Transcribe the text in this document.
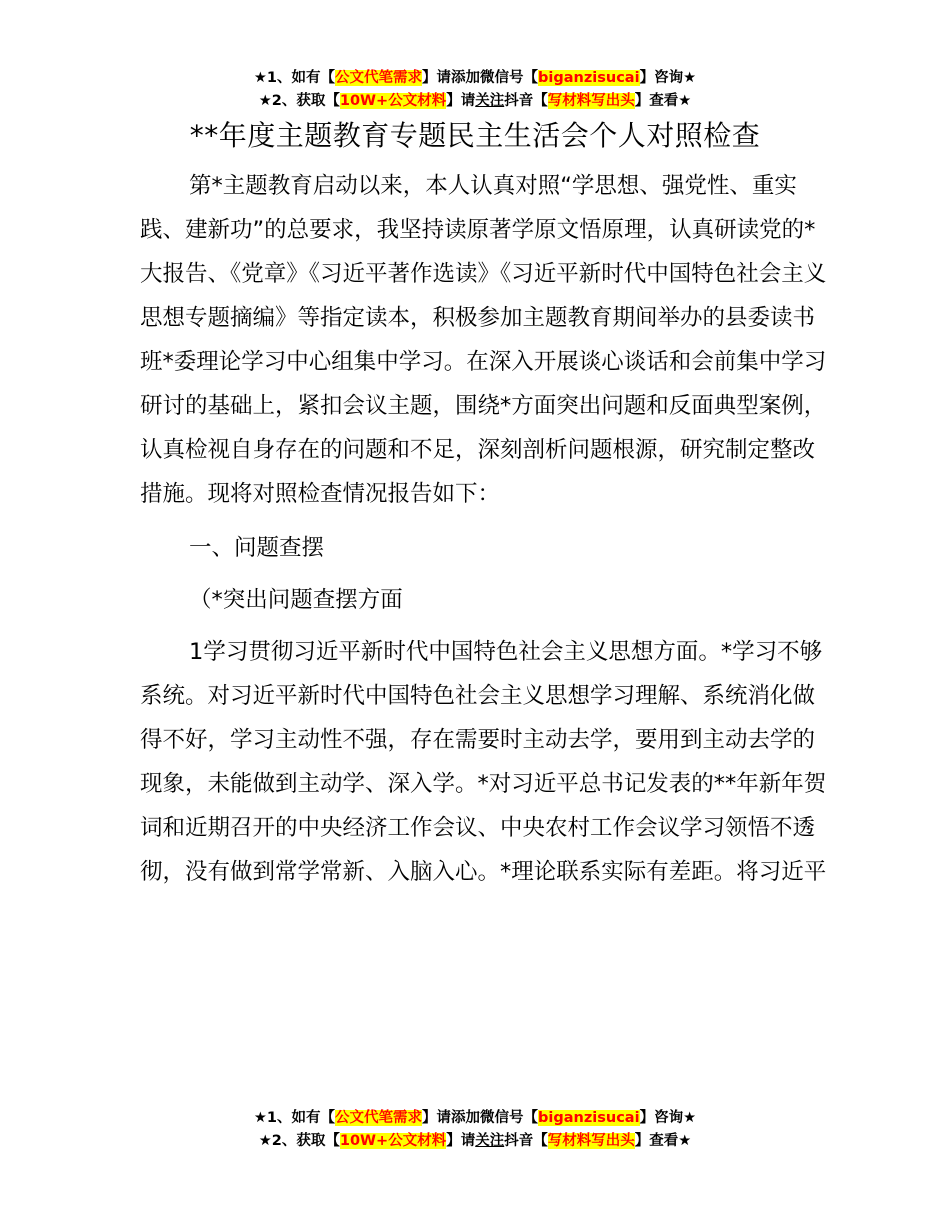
★1、如有【公文代笔需求】请添加微信号【biganzisucai】咨询★
★2、获取【10W+公文材料】请关注抖音【写材料写出头】查看★
**年度主题教育专题民主生活会个人对照检查

第*主题教育启动以来，本人认真对照“学思想、强党性、重实践、建新功”的总要求，我坚持读原著学原文悟原理，认真研读党的*大报告、《党章》《习近平著作选读》《习近平新时代中国特色社会主义思想专题摘编》等指定读本，积极参加主题教育期间举办的县委读书班*委理论学习中心组集中学习。在深入开展谈心谈话和会前集中学习研讨的基础上，紧扣会议主题，围绕*方面突出问题和反面典型案例，认真检视自身存在的问题和不足，深刻剖析问题根源，研究制定整改措施。现将对照检查情况报告如下：

一、问题查摆

（*突出问题查摆方面

1学习贯彻习近平新时代中国特色社会主义思想方面。*学习不够系统。对习近平新时代中国特色社会主义思想学习理解、系统消化做得不好，学习主动性不强，存在需要时主动去学，要用到主动去学的现象，未能做到主动学、深入学。*对习近平总书记发表的**年新年贺词和近期召开的中央经济工作会议、中央农村工作会议学习领悟不透彻，没有做到常学常新、入脑入心。*理论联系实际有差距。将习近平

★1、如有【公文代笔需求】请添加微信号【biganzisucai】咨询★
★2、获取【10W+公文材料】请关注抖音【写材料写出头】查看★
